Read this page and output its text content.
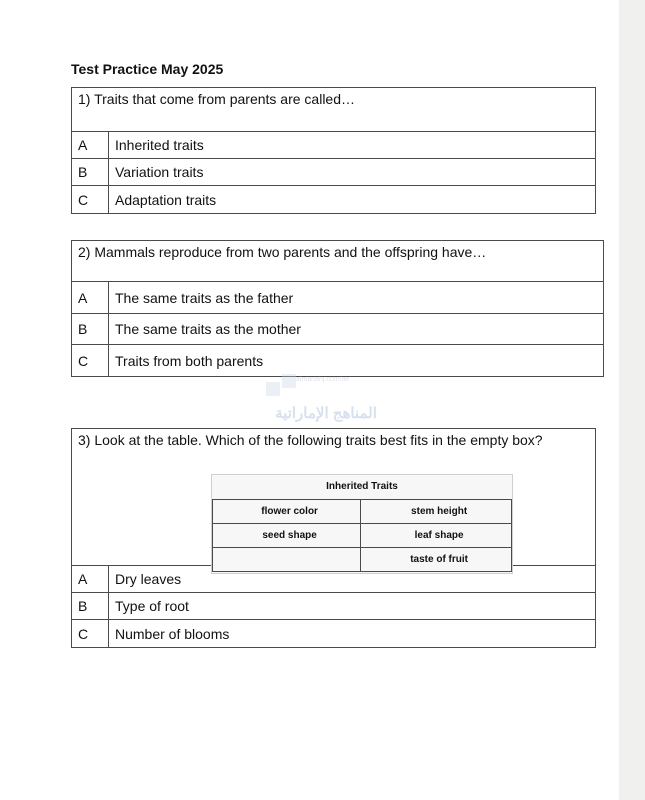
Test Practice May 2025
1) Traits that come from parents are called…	
A	Inherited traits
B	Variation traits
C	Adaptation traits
2) Mammals reproduce from two parents and the offspring have…	
A	The same traits as the father
B	The same traits as the mother
C	Traits from both parents
almanahj.com/ae
المناهج الإماراتية
3) Look at the table. Which of the following traits best fits in the empty box?
Inherited Traits
flower color	stem height
seed shape	leaf shape
	taste of fruit

A	Dry leaves
B	Type of root
C	Number of blooms
